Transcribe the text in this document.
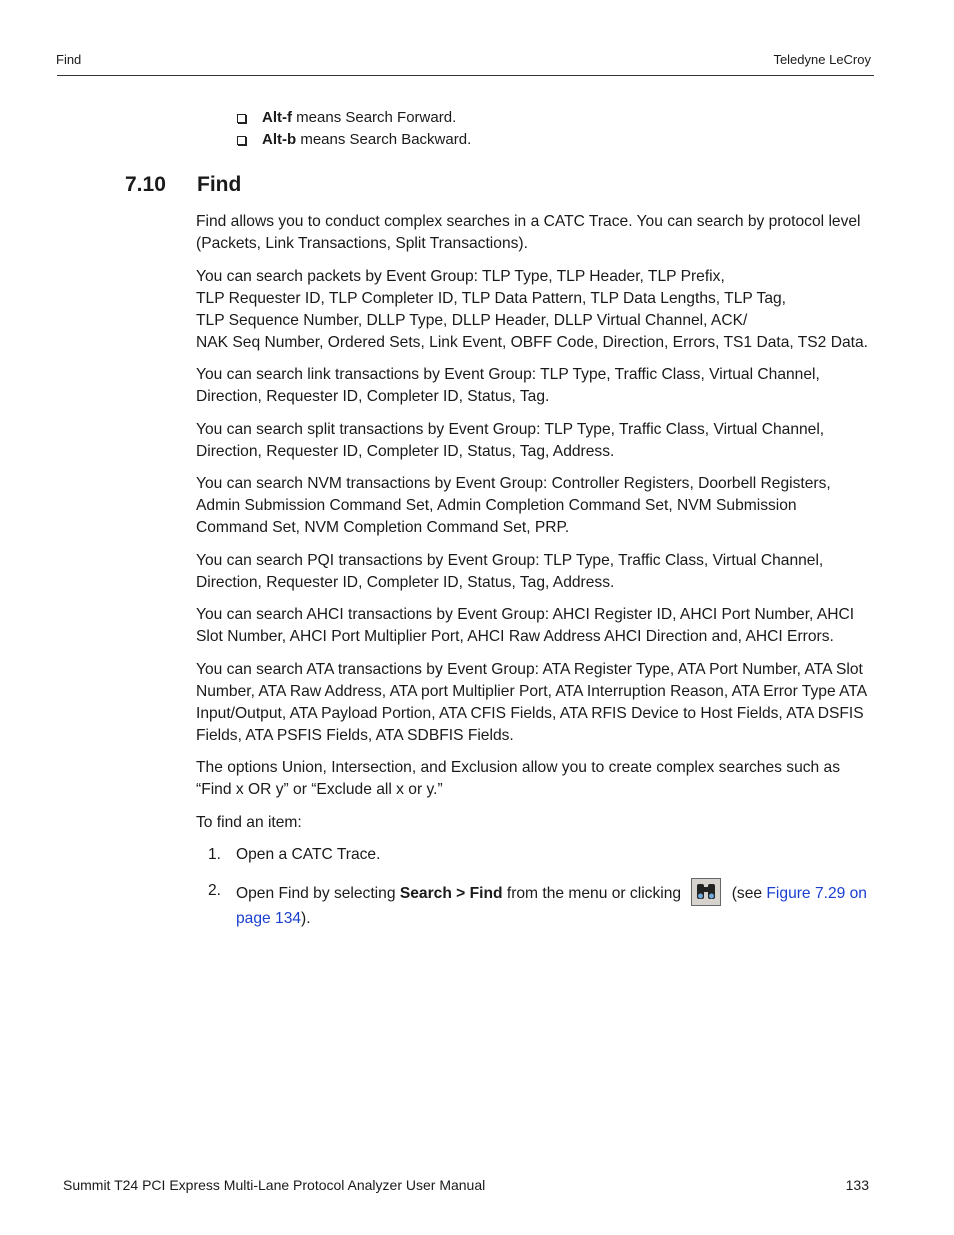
Find	Teledyne LeCroy
Alt-f means Search Forward.
Alt-b means Search Backward.
7.10 Find

Find allows you to conduct complex searches in a CATC Trace. You can search by protocol level (Packets, Link Transactions, Split Transactions).

You can search packets by Event Group: TLP Type, TLP Header, TLP Prefix,
TLP Requester ID, TLP Completer ID, TLP Data Pattern, TLP Data Lengths, TLP Tag,
TLP Sequence Number, DLLP Type, DLLP Header, DLLP Virtual Channel, ACK/
NAK Seq Number, Ordered Sets, Link Event, OBFF Code, Direction, Errors, TS1 Data, TS2 Data.

You can search link transactions by Event Group: TLP Type, Traffic Class, Virtual Channel, Direction, Requester ID, Completer ID, Status, Tag.

You can search split transactions by Event Group: TLP Type, Traffic Class, Virtual Channel, Direction, Requester ID, Completer ID, Status, Tag, Address.

You can search NVM transactions by Event Group: Controller Registers, Doorbell Registers, Admin Submission Command Set, Admin Completion Command Set, NVM Submission Command Set, NVM Completion Command Set, PRP.

You can search PQI transactions by Event Group: TLP Type, Traffic Class, Virtual Channel, Direction, Requester ID, Completer ID, Status, Tag, Address.

You can search AHCI transactions by Event Group: AHCI Register ID, AHCI Port Number, AHCI Slot Number, AHCI Port Multiplier Port, AHCI Raw Address AHCI Direction and, AHCI Errors.

You can search ATA transactions by Event Group: ATA Register Type, ATA Port Number, ATA Slot Number, ATA Raw Address, ATA port Multiplier Port, ATA Interruption Reason, ATA Error Type ATA Input/Output, ATA Payload Portion, ATA CFIS Fields, ATA RFIS Device to Host Fields, ATA DSFIS Fields, ATA PSFIS Fields, ATA SDBFIS Fields.

The options Union, Intersection, and Exclusion allow you to create complex searches such as “Find x OR y” or “Exclude all x or y.”

To find an item:

1. Open a CATC Trace.
2. Open Find by selecting Search > Find from the menu or clicking	(see Figure 7.29 on page 134).
Summit T24 PCI Express Multi-Lane Protocol Analyzer User Manual	133
